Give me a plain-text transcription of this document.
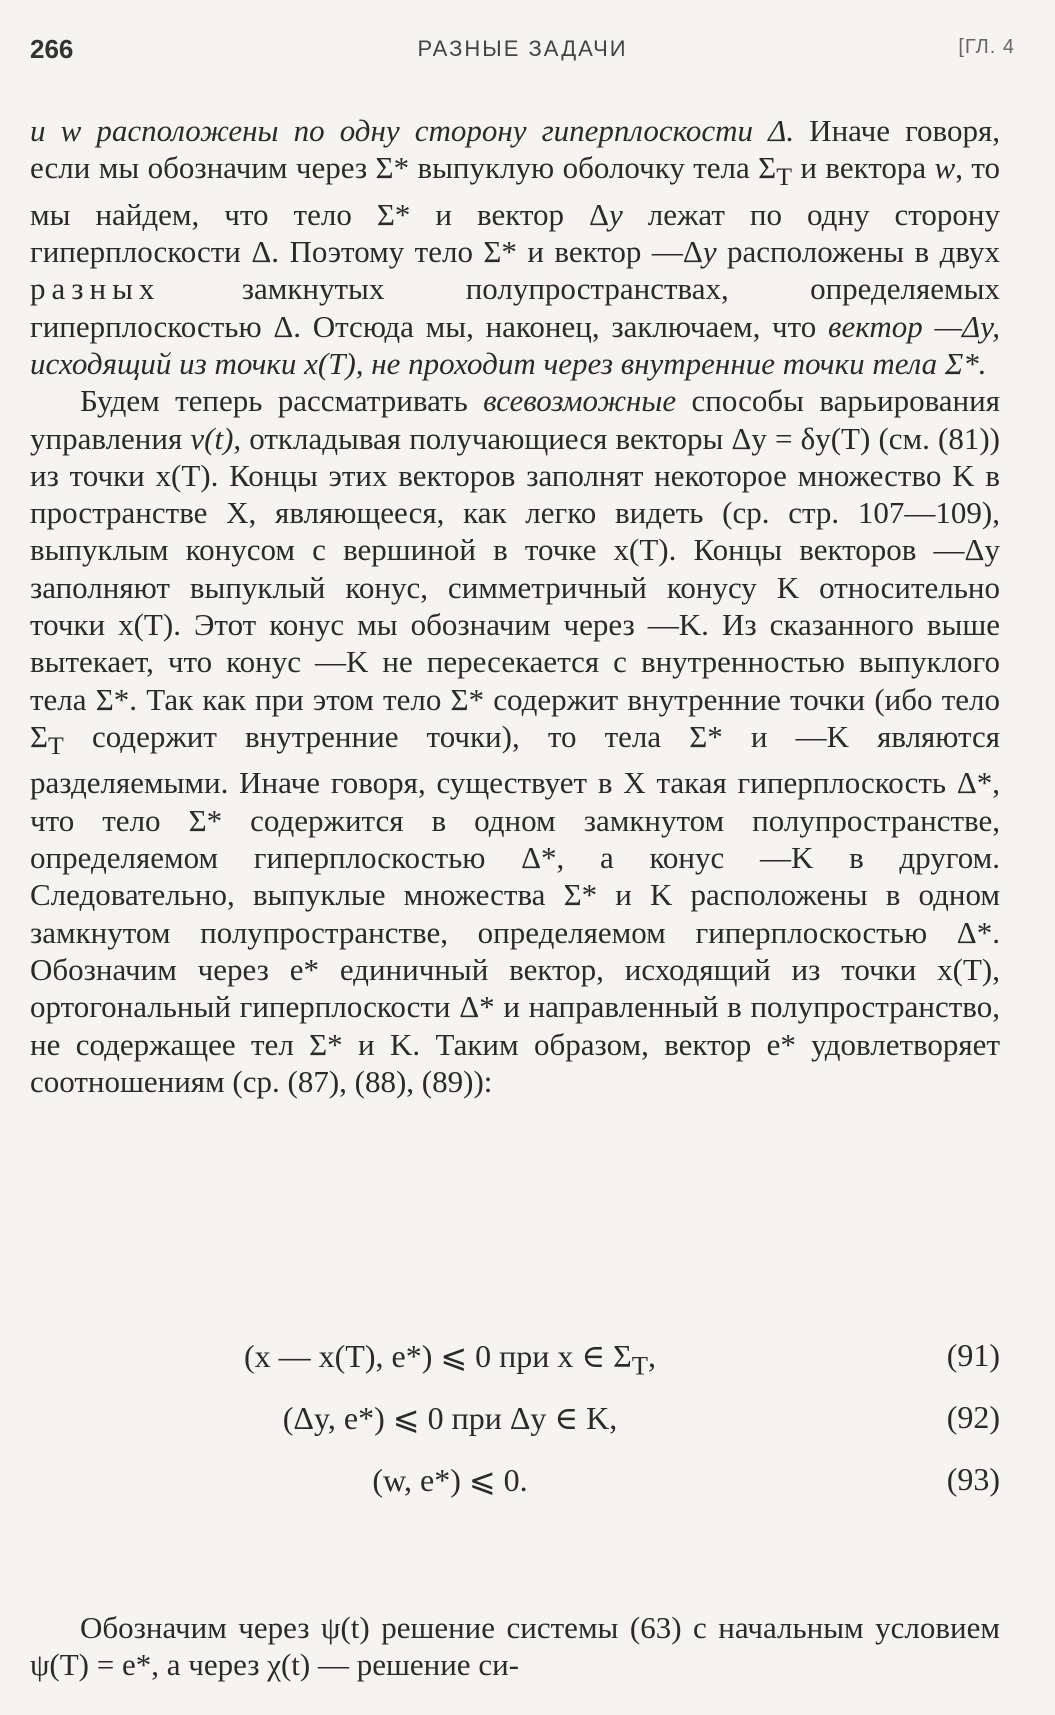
266	РАЗНЫЕ ЗАДАЧИ	[ГЛ. 4

и w расположены по одну сторону гиперплоскости Δ. Иначе говоря, если мы обозначим через Σ* выпуклую оболочку тела $\Sigma_T$ и вектора w, то мы найдем, что тело Σ* и вектор Δy лежат по одну сторону гиперплоскости Δ. Поэтому тело Σ* и вектор —Δy расположены в двух разных замкнутых полупространствах, определяемых гиперплоскостью Δ. Отсюда мы, наконец, заключаем, что вектор —Δy, исходящий из точки x(T), не проходит через внутренние точки тела Σ*.

Будем теперь рассматривать всевозможные способы варьирования управления v(t), откладывая получающиеся векторы Δy = δy(T) (см. (81)) из точки x(T). Концы этих векторов заполнят некоторое множество K в пространстве X, являющееся, как легко видеть (ср. стр. 107—109), выпуклым конусом с вершиной в точке x(T). Концы векторов —Δy заполняют выпуклый конус, симметричный конусу K относительно точки x(T). Этот конус мы обозначим через —K. Из сказанного выше вытекает, что конус —K не пересекается с внутренностью выпуклого тела Σ*. Так как при этом тело Σ* содержит внутренние точки (ибо тело $\Sigma_T$ содержит внутренние точки), то тела Σ* и —K являются разделяемыми. Иначе говоря, существует в X такая гиперплоскость Δ*, что тело Σ* содержится в одном замкнутом полупространстве, определяемом гиперплоскостью Δ*, а конус —K в другом. Следовательно, выпуклые множества Σ* и K расположены в одном замкнутом полупространстве, определяемом гиперплоскостью Δ*. Обозначим через e* единичный вектор, исходящий из точки x(T), ортогональный гиперплоскости Δ* и направленный в полупространство, не содержащее тел Σ* и K. Таким образом, вектор e* удовлетворяет соотношениям (ср. (87), (88), (89)):

(x — x(T), e*) ⩽ 0 при x ∈ $\Sigma_T$,	(91)
(Δy, e*) ⩽ 0 при Δy ∈ K,	(92)
(w, e*) ⩽ 0.	(93)

Обозначим через ψ(t) решение системы (63) с начальным условием ψ(T) = e*, а через χ(t) — решение си-
